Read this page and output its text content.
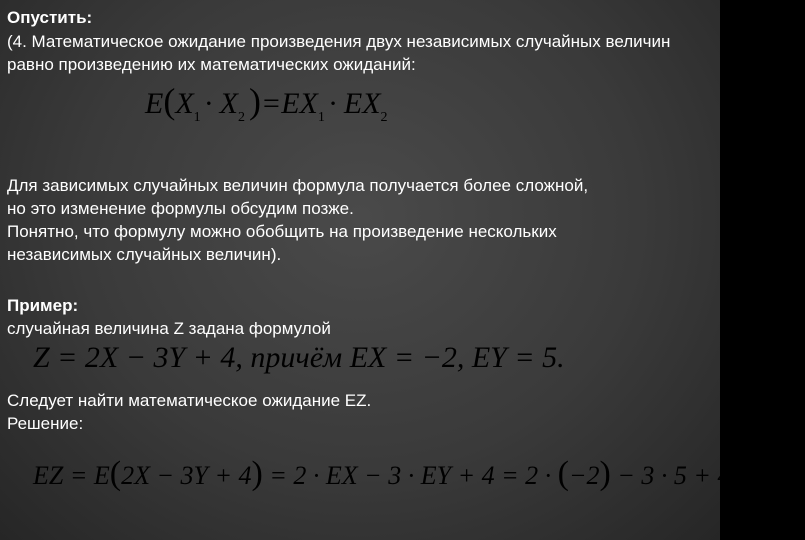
Опустить:
(4. Математическое ожидание произведения двух независимых случайных величин равно произведению их математических ожиданий:
$E(X_1 \cdot X_2$ )$=EX_1 \cdot EX_2$
Для зависимых случайных величин формула получается более сложной,
но это изменение формулы обсудим позже.
Понятно, что формулу можно обобщить на произведение нескольких
независимых случайных величин).
Пример:
случайная величина Z задана формулой
Z = 2X − 3Y + 4, причём EX = −2, EY = 5.
Следует найти математическое ожидание EZ.
Решение:
EZ = E(2X − 3Y + 4) = 2 · EX − 3 · EY + 4 = 2 · (−2) − 3 · 5 + 4 = −15
